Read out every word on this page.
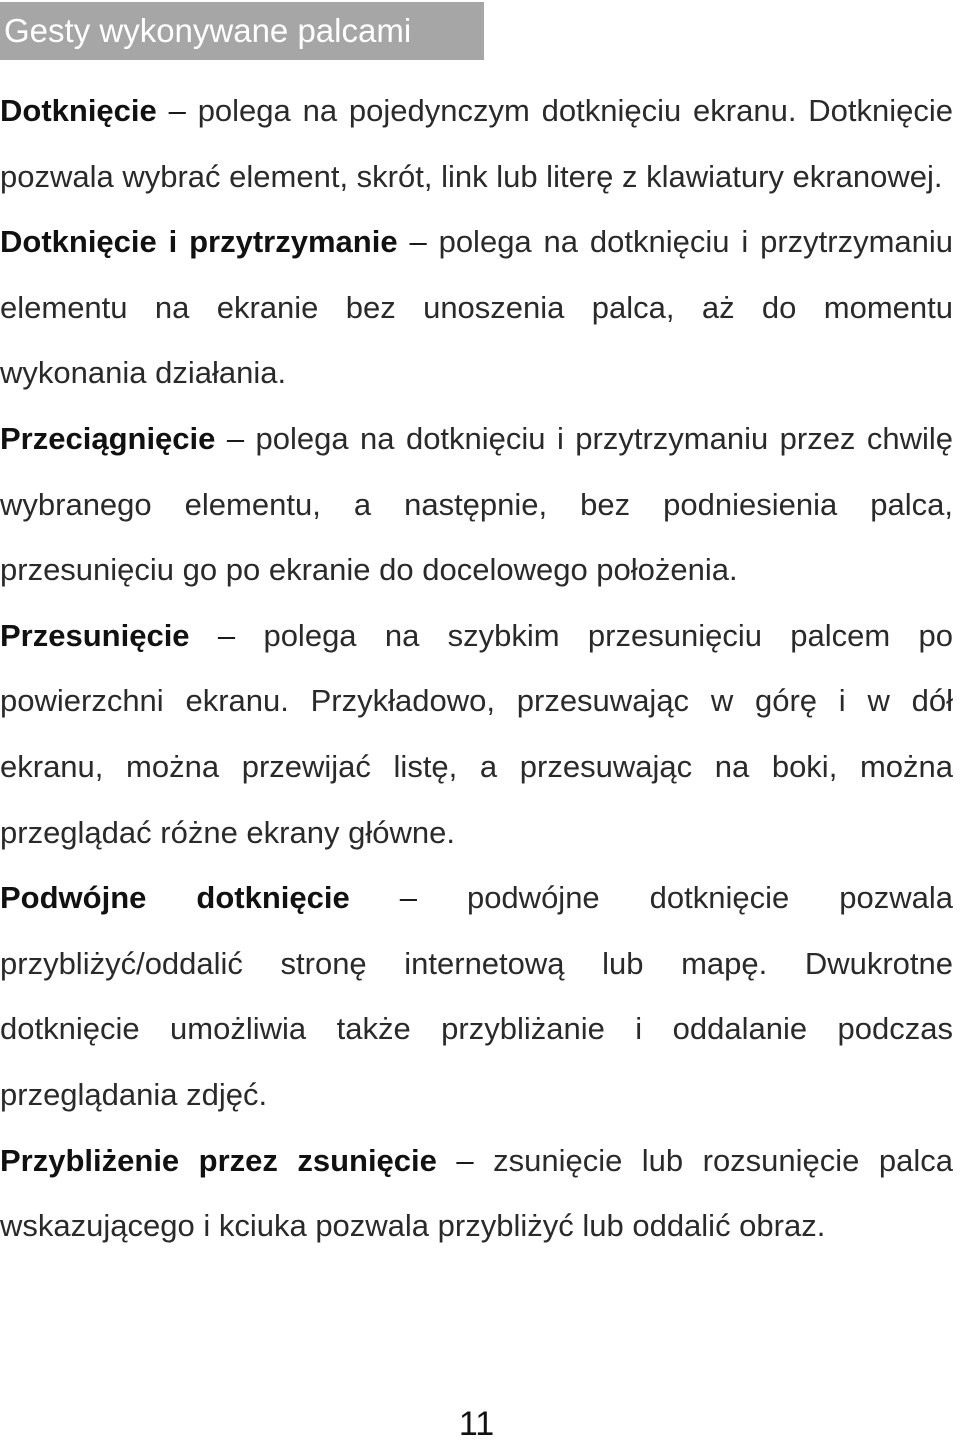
Gesty wykonywane palcami

Dotknięcie – polega na pojedynczym dotknięciu ekranu. Dotknięcie pozwala wybrać element, skrót, link lub literę z klawiatury ekranowej.

Dotknięcie i przytrzymanie – polega na dotknięciu i przytrzymaniu elementu na ekranie bez unoszenia palca, aż do momentu wykonania działania.

Przeciągnięcie – polega na dotknięciu i przytrzymaniu przez chwilę wybranego elementu, a następnie, bez podniesienia palca, przesunięciu go po ekranie do docelowego położenia.

Przesunięcie – polega na szybkim przesunięciu palcem po powierzchni ekranu. Przykładowo, przesuwając w górę i w dół ekranu, można przewijać listę, a przesuwając na boki, można przeglądać różne ekrany główne.

Podwójne dotknięcie – podwójne dotknięcie pozwala przybliżyć/oddalić stronę internetową lub mapę. Dwukrotne dotknięcie umożliwia także przybliżanie i oddalanie podczas przeglądania zdjęć.

Przybliżenie przez zsunięcie – zsunięcie lub rozsunięcie palca wskazującego i kciuka pozwala przybliżyć lub oddalić obraz.

11
